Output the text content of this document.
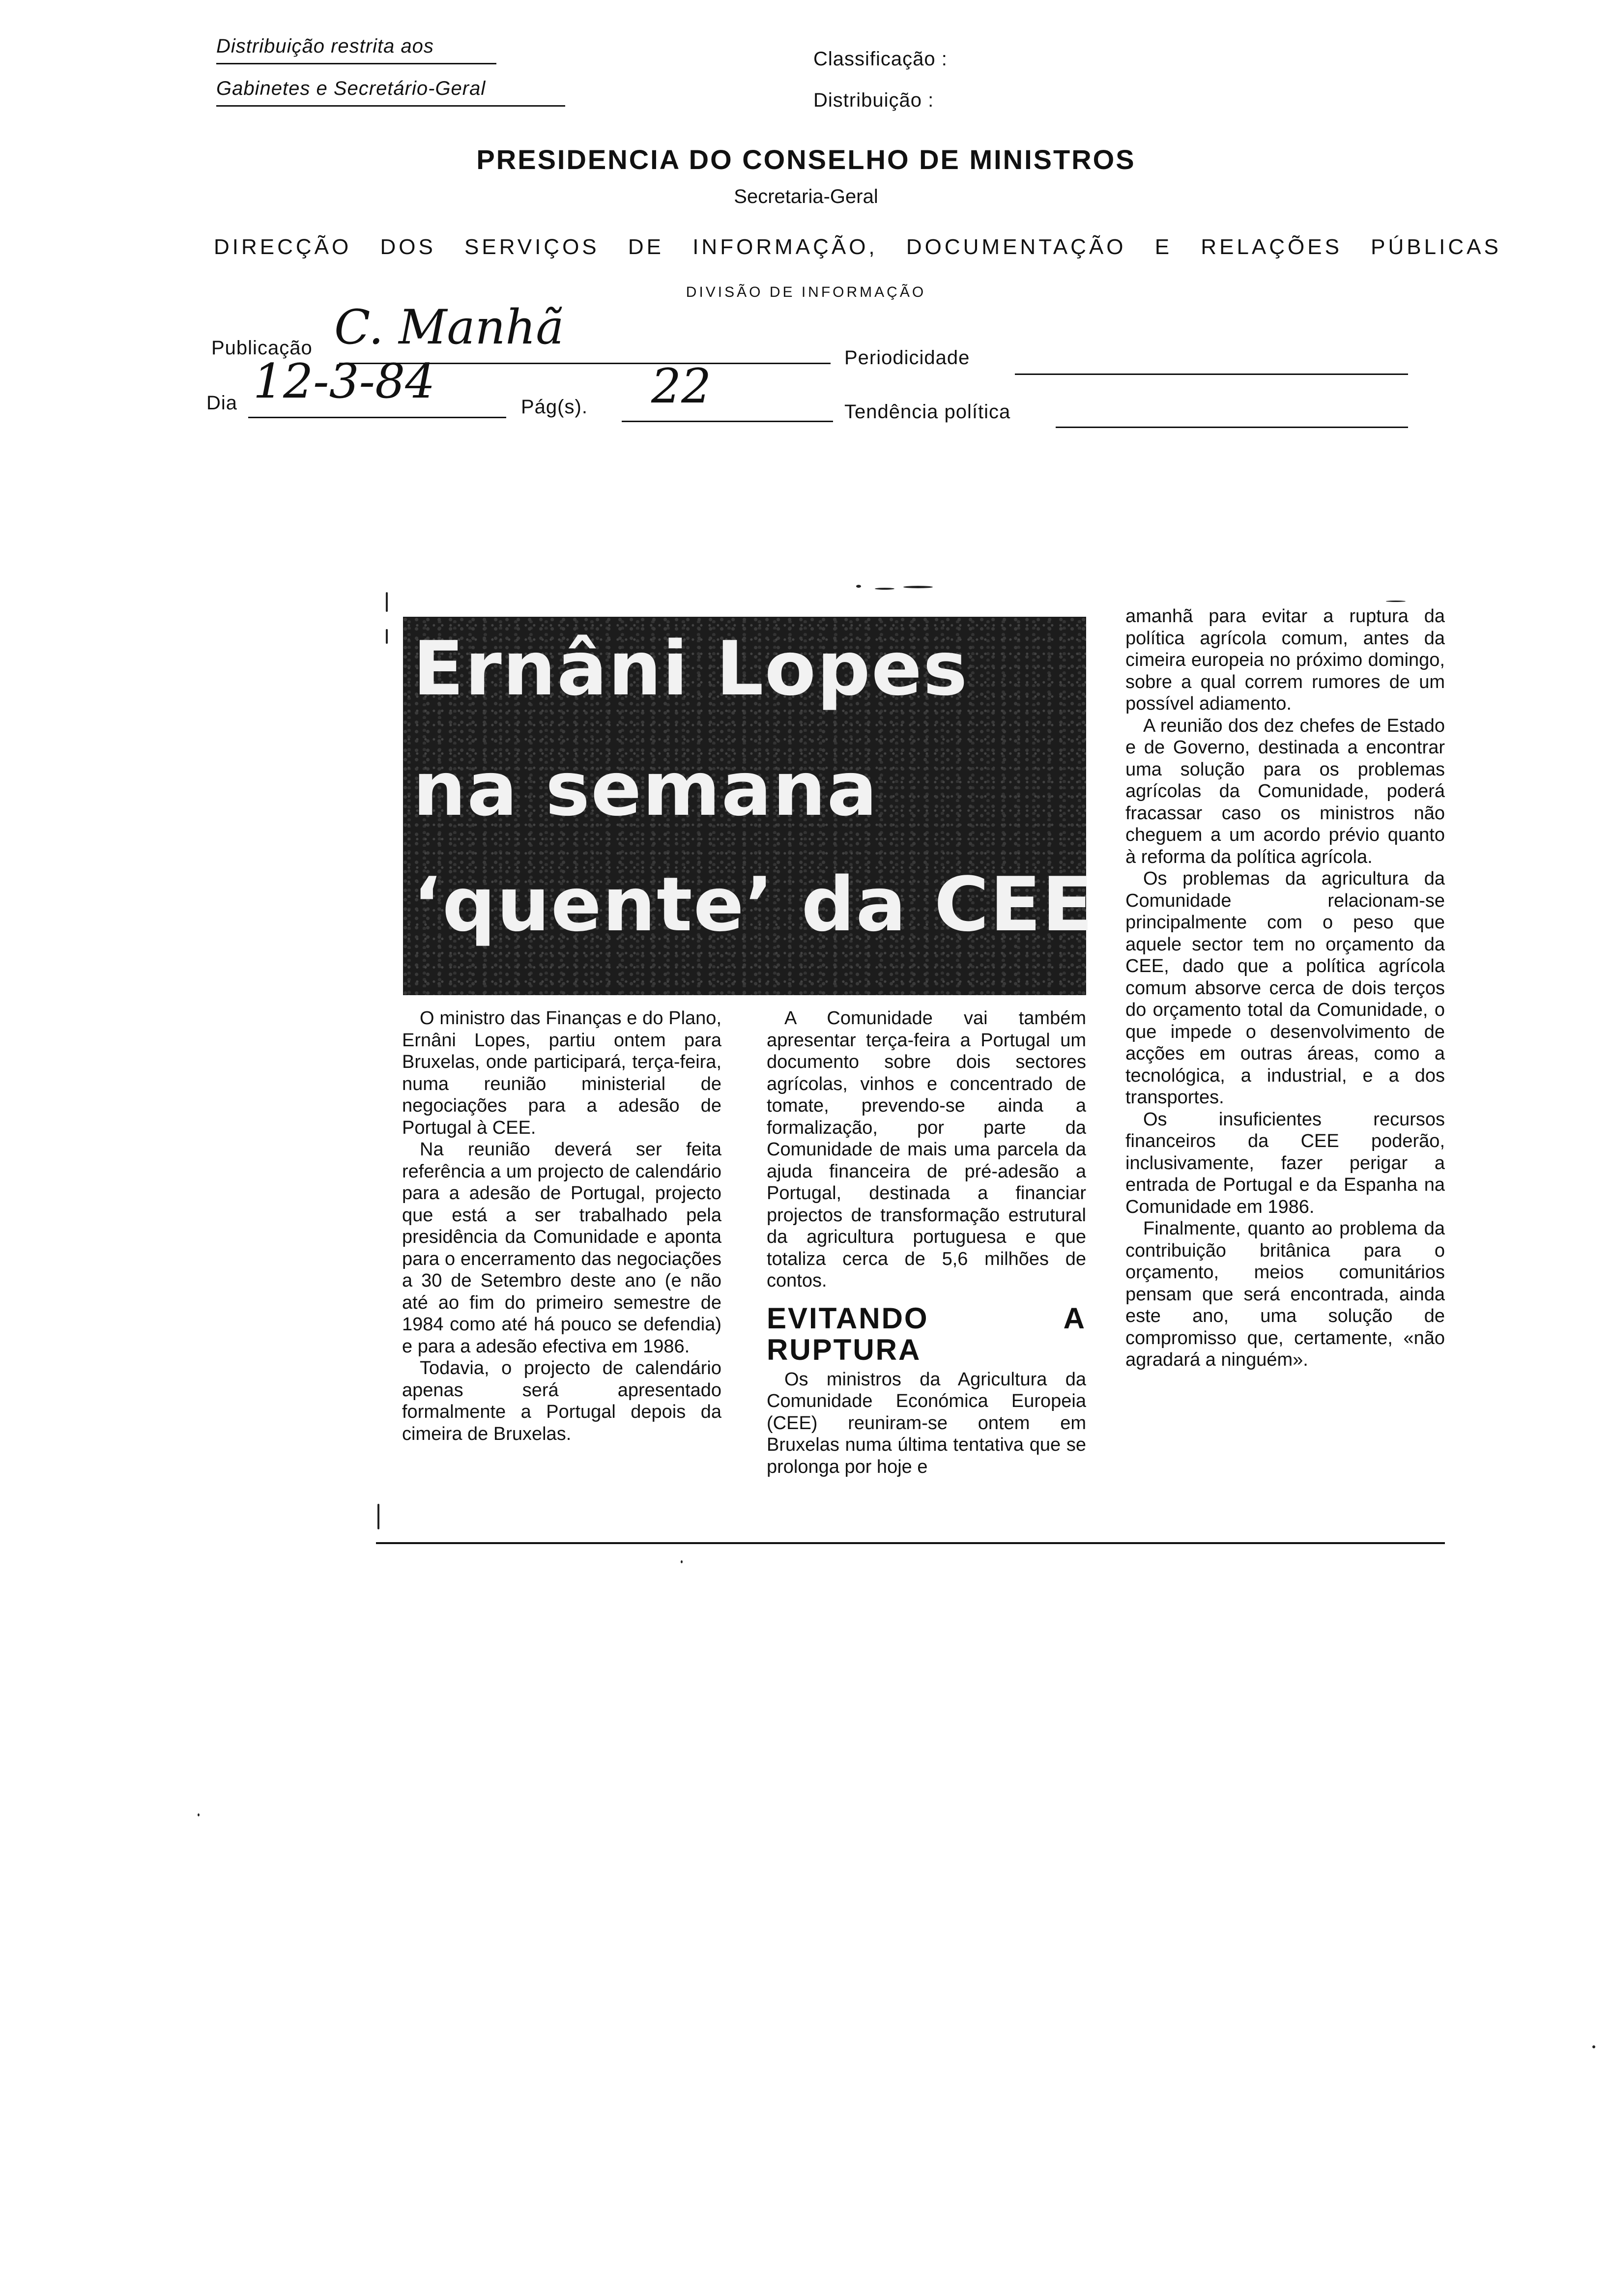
Distribuição restrita aos
Gabinetes e Secretário-Geral
Classificação :
Distribuição :
PRESIDENCIA DO CONSELHO DE MINISTROS
Secretaria-Geral
DIRECÇÃO DOS SERVIÇOS DE INFORMAÇÃO, DOCUMENTAÇÃO E RELAÇÕES PÚBLICAS
DIVISÃO DE INFORMAÇÃO
Publicação C. Manhã
Periodicidade
Dia 12-3-84	Pág(s). 22	Tendência política
Ernâni Lopes
na semana
‘quente’ da CEE

O ministro das Finanças e do Plano, Ernâni Lopes, partiu ontem para Bruxelas, onde participará, terça-feira, numa reunião ministerial de negociações para a adesão de Portugal à CEE.

Na reunião deverá ser feita referência a um projecto de calendário para a adesão de Portugal, projecto que está a ser trabalhado pela presidência da Comunidade e aponta para o encerramento das negociações a 30 de Setembro deste ano (e não até ao fim do primeiro semestre de 1984 como até há pouco se defendia) e para a adesão efectiva em 1986.

Todavia, o projecto de calendário apenas será apresentado formalmente a Portugal depois da cimeira de Bruxelas.

A Comunidade vai também apresentar terça-feira a Portugal um documento sobre dois sectores agrícolas, vinhos e concentrado de tomate, prevendo-se ainda a formalização, por parte da Comunidade de mais uma parcela da ajuda financeira de pré-adesão a Portugal, destinada a financiar projectos de transformação estrutural da agricultura portuguesa e que totaliza cerca de 5,6 milhões de contos.

EVITANDO A RUPTURA

Os ministros da Agricultura da Comunidade Económica Europeia (CEE) reuniram-se ontem em Bruxelas numa última tentativa que se prolonga por hoje e

amanhã para evitar a ruptura da política agrícola comum, antes da cimeira europeia no próximo domingo, sobre a qual correm rumores de um possível adiamento.

A reunião dos dez chefes de Estado e de Governo, destinada a encontrar uma solução para os problemas agrícolas da Comunidade, poderá fracassar caso os ministros não cheguem a um acordo prévio quanto à reforma da política agrícola.

Os problemas da agricultura da Comunidade relacionam-se principalmente com o peso que aquele sector tem no orçamento da CEE, dado que a política agrícola comum absorve cerca de dois terços do orçamento total da Comunidade, o que impede o desenvolvimento de acções em outras áreas, como a tecnológica, a industrial, e a dos transportes.

Os insuficientes recursos financeiros da CEE poderão, inclusivamente, fazer perigar a entrada de Portugal e da Espanha na Comunidade em 1986.

Finalmente, quanto ao problema da contribuição britânica para o orçamento, meios comunitários pensam que será encontrada, ainda este ano, uma solução de compromisso que, certamente, «não agradará a ninguém».
